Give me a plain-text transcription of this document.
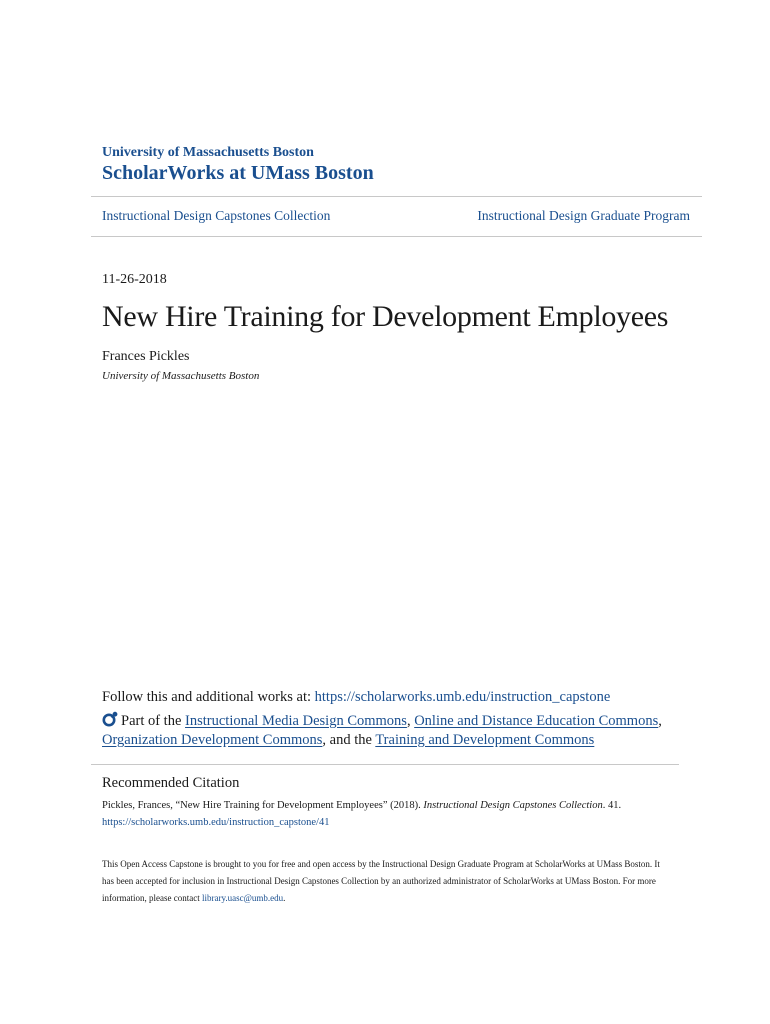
University of Massachusetts Boston
ScholarWorks at UMass Boston
Instructional Design Capstones Collection	Instructional Design Graduate Program
11-26-2018
New Hire Training for Development Employees
Frances Pickles
University of Massachusetts Boston
Follow this and additional works at: https://scholarworks.umb.edu/instruction_capstone
Part of the Instructional Media Design Commons, Online and Distance Education Commons,
Organization Development Commons, and the Training and Development Commons
Recommended Citation
Pickles, Frances, “New Hire Training for Development Employees” (2018). Instructional Design Capstones Collection. 41.
https://scholarworks.umb.edu/instruction_capstone/41
This Open Access Capstone is brought to you for free and open access by the Instructional Design Graduate Program at ScholarWorks at UMass Boston. It has been accepted for inclusion in Instructional Design Capstones Collection by an authorized administrator of ScholarWorks at UMass Boston. For more information, please contact library.uasc@umb.edu.
